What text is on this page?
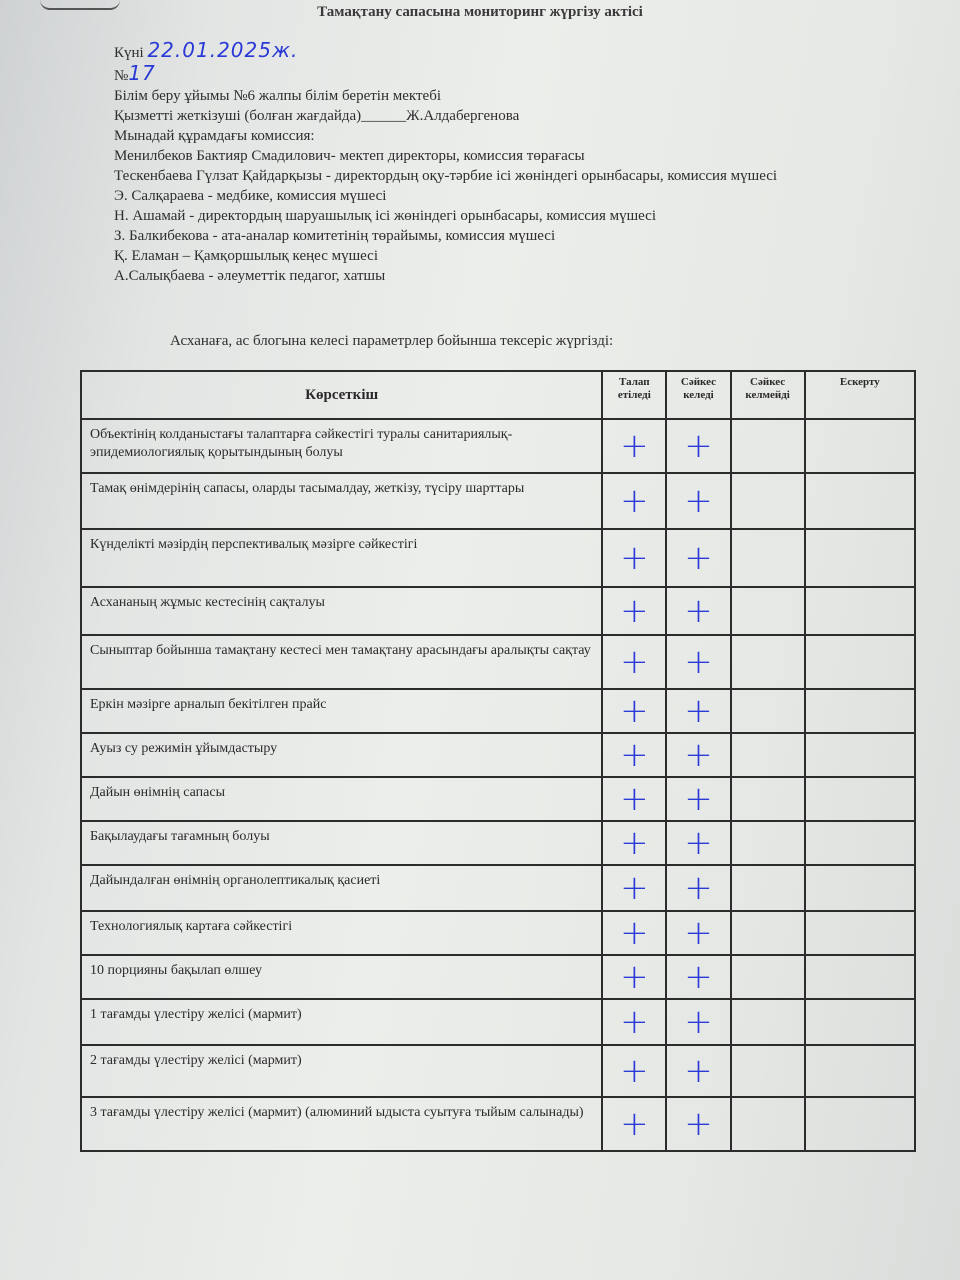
Тамақтану сапасына мониторинг жүргізу актісі
Күні 22.01.2025ж.
№17
Білім беру ұйымы №6 жалпы білім беретін мектебі
Қызметті жеткізуші (болған жағдайда)______Ж.Алдабергенова
Мынадай құрамдағы комиссия:
Менилбеков Бактияр Смадилович- мектеп директоры, комиссия төрағасы
Тескенбаева Гүлзат Қайдарқызы - директордың оқу-тәрбие ісі жөніндегі орынбасары, комиссия мүшесі
Э. Салқараева - медбике, комиссия мүшесі
Н. Ашамай - директордың шаруашылық ісі жөніндегі орынбасары, комиссия мүшесі
З. Балкибекова - ата-аналар комитетінің төрайымы, комиссия мүшесі
Қ. Еламан – Қамқоршылық кеңес мүшесі
А.Салықбаева - әлеуметтік педагог, хатшы
Асханаға, ас блогына келесі параметрлер бойынша тексеріс жүргізді:
Көрсеткіш	Талап етіледі	Сәйкес келеді	Сәйкес келмейді	Ескерту
Объектінің колданыстағы талаптарға сәйкестігі туралы санитариялық-эпидемиологиялық қорытындының болуы	+	+		
Тамақ өнімдерінің сапасы, оларды тасымалдау, жеткізу, түсіру шарттары	+	+		
Күнделікті мәзірдің перспективалық мәзірге сәйкестігі	+	+		
Асхананың жұмыс кестесінің сақталуы	+	+		
Сыныптар бойынша тамақтану кестесі мен тамақтану арасындағы аралықты сақтау	+	+		
Еркін мәзірге арналып бекітілген прайс	+	+		
Ауыз су режимін ұйымдастыру	+	+		
Дайын өнімнің сапасы	+	+		
Бақылаудағы тағамның болуы	+	+		
Дайындалған өнімнің органолептикалық қасиеті	+	+		
Технологиялық картаға сәйкестігі	+	+		
10 порцияны бақылап өлшеу	+	+		
1 тағамды үлестіру желісі (мармит)	+	+		
2 тағамды үлестіру желісі (мармит)	+	+		
3 тағамды үлестіру желісі (мармит) (алюминий ыдыста суытуға тыйым салынады)	+	+		
